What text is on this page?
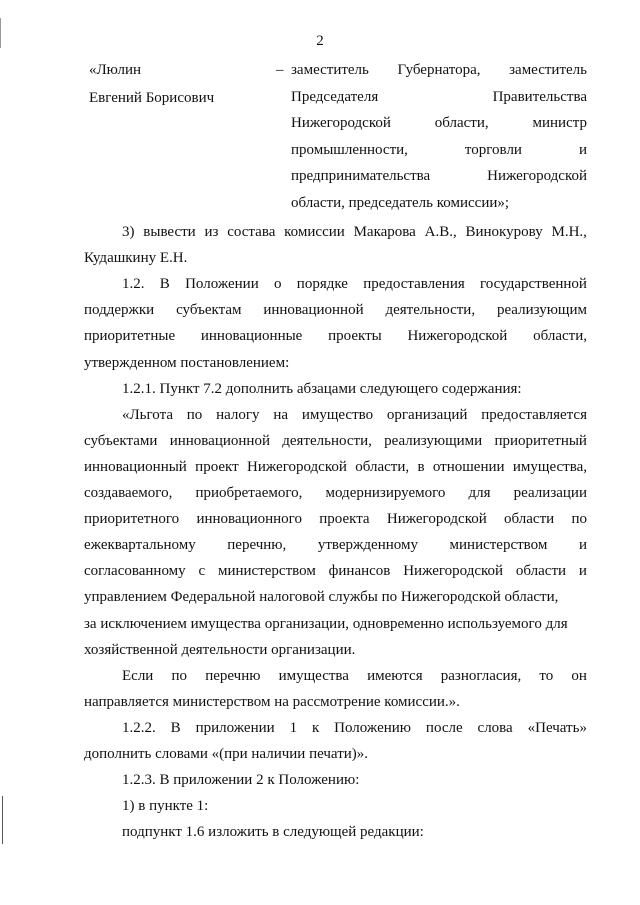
2
«Люлин
Евгений Борисович
– заместитель Губернатора, заместитель
Председателя	Правительства
Нижегородской	области,	министр
промышленности,	торговли	и
предпринимательства	Нижегородской
области, председатель комиссии»;
3) вывести из состава комиссии Макарова А.В., Винокурову М.Н.,
Кудашкину Е.Н.
1.2. В Положении о порядке предоставления государственной
поддержки субъектам инновационной деятельности, реализующим
приоритетные инновационные проекты Нижегородской области,
утвержденном постановлением:
1.2.1. Пункт 7.2 дополнить абзацами следующего содержания:
«Льгота по налогу на имущество организаций предоставляется
субъектами инновационной деятельности, реализующими приоритетный
инновационный проект Нижегородской области, в отношении имущества,
создаваемого, приобретаемого, модернизируемого для реализации
приоритетного инновационного проекта Нижегородской области по
ежеквартальному перечню, утвержденному министерством и
согласованному с министерством финансов Нижегородской области и
управлением Федеральной налоговой службы по Нижегородской области,
за исключением имущества организации, одновременно используемого для
хозяйственной деятельности организации.
Если по перечню имущества имеются разногласия, то он
направляется министерством на рассмотрение комиссии.».
1.2.2. В приложении 1 к Положению после слова «Печать»
дополнить словами «(при наличии печати)».
1.2.3. В приложении 2 к Положению:
1) в пункте 1:
подпункт 1.6 изложить в следующей редакции:
